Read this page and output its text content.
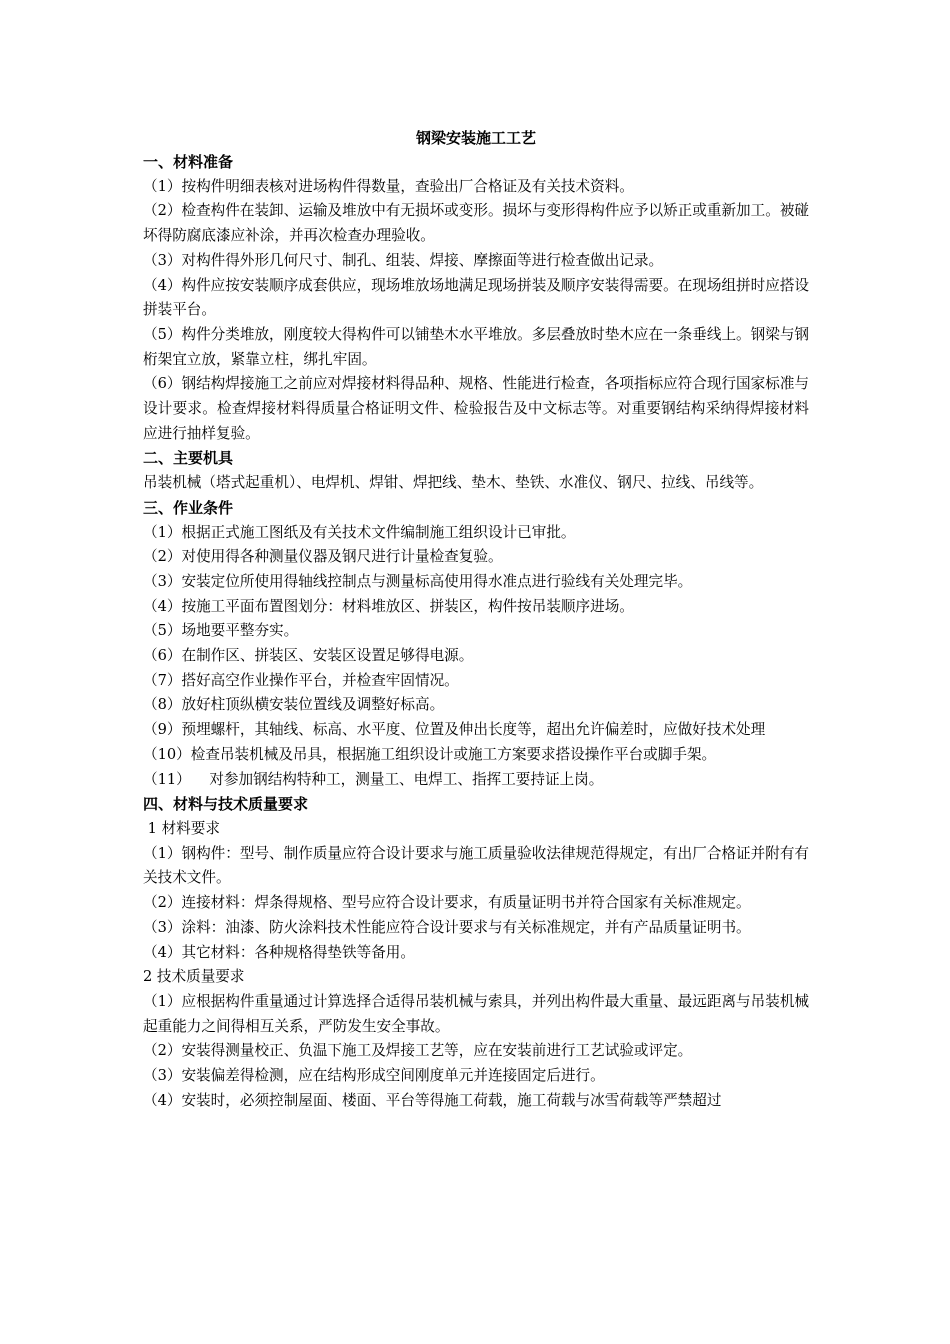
钢梁安装施工工艺
一、材料准备
（1）按构件明细表核对进场构件得数量，查验出厂合格证及有关技术资料。
（2）检查构件在装卸、运输及堆放中有无损坏或变形。损坏与变形得构件应予以矫正或重新加工。被碰坏得防腐底漆应补涂，并再次检查办理验收。
（3）对构件得外形几何尺寸、制孔、组装、焊接、摩擦面等进行检查做出记录。
（4）构件应按安装顺序成套供应，现场堆放场地满足现场拼装及顺序安装得需要。在现场组拼时应搭设拼装平台。
（5）构件分类堆放，刚度较大得构件可以铺垫木水平堆放。多层叠放时垫木应在一条垂线上。钢梁与钢桁架宜立放，紧靠立柱，绑扎牢固。
（6）钢结构焊接施工之前应对焊接材料得品种、规格、性能进行检查，各项指标应符合现行国家标准与设计要求。检查焊接材料得质量合格证明文件、检验报告及中文标志等。对重要钢结构采纳得焊接材料应进行抽样复验。
二、主要机具
吊装机械（塔式起重机）、电焊机、焊钳、焊把线、垫木、垫铁、水准仪、钢尺、拉线、吊线等。
三、作业条件
（1）根据正式施工图纸及有关技术文件编制施工组织设计已审批。
（2）对使用得各种测量仪器及钢尺进行计量检查复验。
（3）安装定位所使用得轴线控制点与测量标高使用得水准点进行验线有关处理完毕。
（4）按施工平面布置图划分：材料堆放区、拼装区，构件按吊装顺序进场。
（5）场地要平整夯实。
（6）在制作区、拼装区、安装区设置足够得电源。
（7）搭好高空作业操作平台，并检查牢固情况。
（8）放好柱顶纵横安装位置线及调整好标高。
（9）预埋螺杆，其轴线、标高、水平度、位置及伸出长度等，超出允许偏差时，应做好技术处理
（10）检查吊装机械及吊具，根据施工组织设计或施工方案要求搭设操作平台或脚手架。
（11）    对参加钢结构特种工，测量工、电焊工、指挥工要持证上岗。
四、材料与技术质量要求
1 材料要求
（1）钢构件：型号、制作质量应符合设计要求与施工质量验收法律规范得规定，有出厂合格证并附有有关技术文件。
（2）连接材料：焊条得规格、型号应符合设计要求，有质量证明书并符合国家有关标准规定。
（3）涂料：油漆、防火涂料技术性能应符合设计要求与有关标准规定，并有产品质量证明书。
（4）其它材料：各种规格得垫铁等备用。
2 技术质量要求
（1）应根据构件重量通过计算选择合适得吊装机械与索具，并列出构件最大重量、最远距离与吊装机械起重能力之间得相互关系，严防发生安全事故。
（2）安装得测量校正、负温下施工及焊接工艺等，应在安装前进行工艺试验或评定。
（3）安装偏差得检测，应在结构形成空间刚度单元并连接固定后进行。
（4）安装时，必须控制屋面、楼面、平台等得施工荷载，施工荷载与冰雪荷载等严禁超过
